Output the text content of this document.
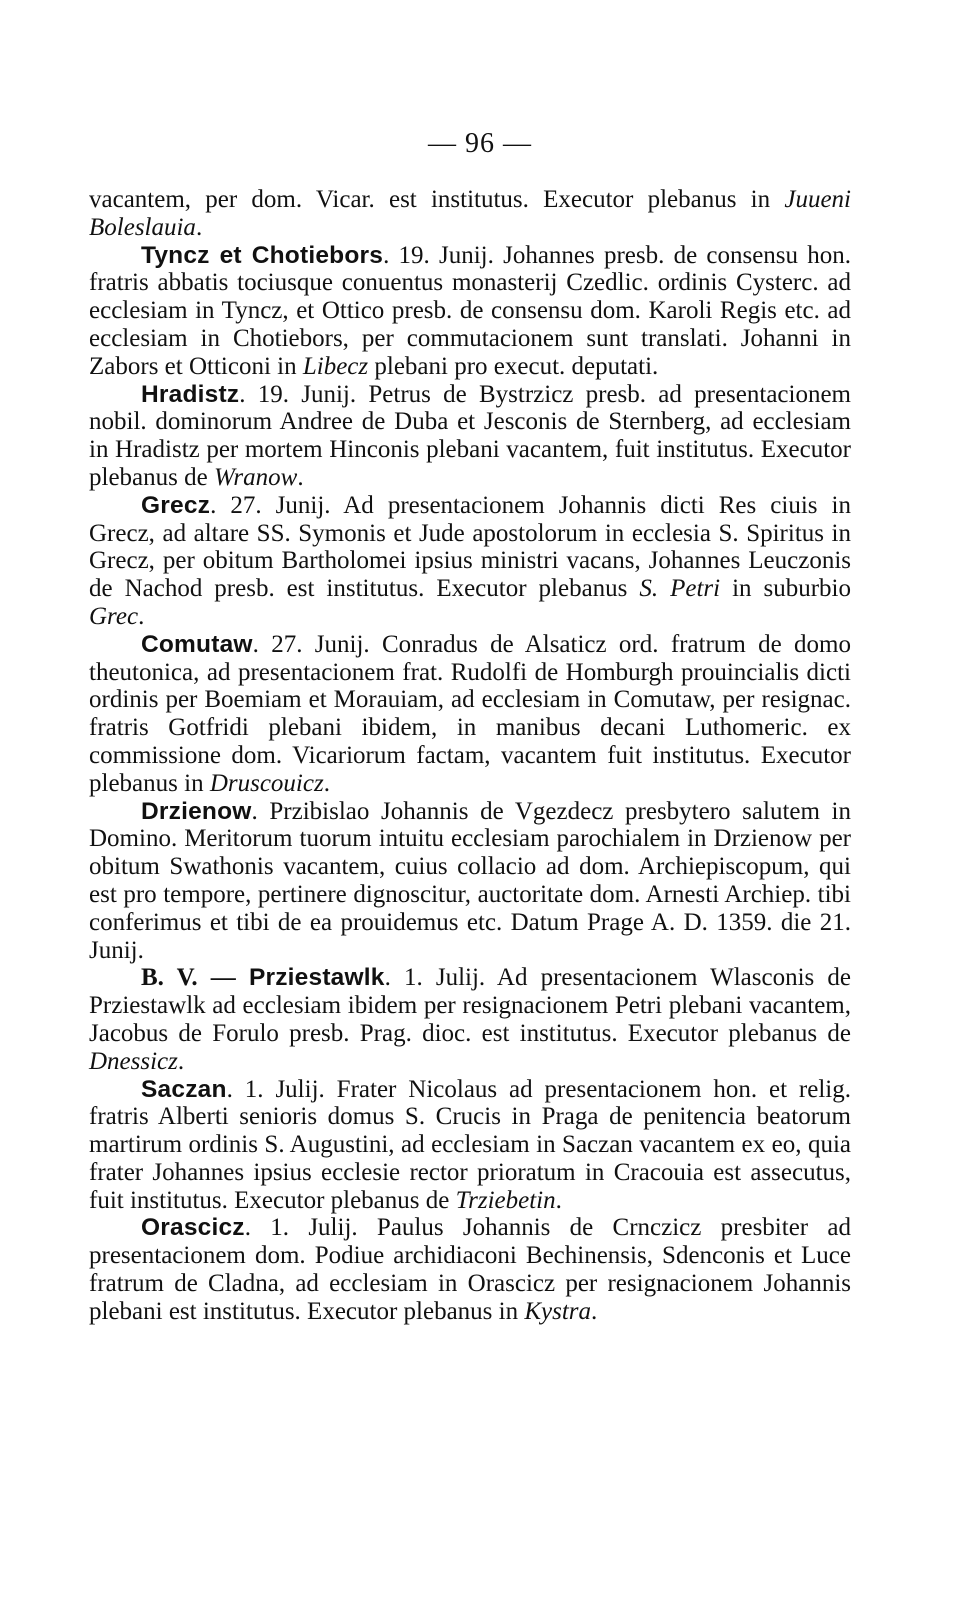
— 96 —

vacantem, per dom. Vicar. est institutus. Executor plebanus in Juueni Boleslauia.

Tyncz et Chotiebors. 19. Junij. Johannes presb. de consensu hon. fratris abbatis tociusque conuentus monasterij Czedlic. ordinis Cysterc. ad ecclesiam in Tyncz, et Ottico presb. de consensu dom. Karoli Regis etc. ad ecclesiam in Chotiebors, per commutacionem sunt translati. Johanni in Zabors et Otticoni in Libecz plebani pro execut. deputati.

Hradistz. 19. Junij. Petrus de Bystrzicz presb. ad presentacionem nobil. dominorum Andree de Duba et Jesconis de Sternberg, ad ecclesiam in Hradistz per mortem Hinconis plebani vacantem, fuit institutus. Executor plebanus de Wranow.

Grecz. 27. Junij. Ad presentacionem Johannis dicti Res ciuis in Grecz, ad altare SS. Symonis et Jude apostolorum in ecclesia S. Spiritus in Grecz, per obitum Bartholomei ipsius ministri vacans, Johannes Leuczonis de Nachod presb. est institutus. Executor plebanus S. Petri in suburbio Grec.

Comutaw. 27. Junij. Conradus de Alsaticz ord. fratrum de domo theutonica, ad presentacionem frat. Rudolfi de Homburgh prouincialis dicti ordinis per Boemiam et Morauiam, ad ecclesiam in Comutaw, per resignac. fratris Gotfridi plebani ibidem, in manibus decani Luthomeric. ex commissione dom. Vicariorum factam, vacantem fuit institutus. Executor plebanus in Druscouicz.

Drzienow. Przibislao Johannis de Vgezdecz presbytero salutem in Domino. Meritorum tuorum intuitu ecclesiam parochialem in Drzienow per obitum Swathonis vacantem, cuius collacio ad dom. Archiepiscopum, qui est pro tempore, pertinere dignoscitur, auctoritate dom. Arnesti Archiep. tibi conferimus et tibi de ea prouidemus etc. Datum Prage A. D. 1359. die 21. Junij.

B. V. — Prziestawlk. 1. Julij. Ad presentacionem Wlasconis de Prziestawlk ad ecclesiam ibidem per resignacionem Petri plebani vacantem, Jacobus de Forulo presb. Prag. dioc. est institutus. Executor plebanus de Dnessicz.

Saczan. 1. Julij. Frater Nicolaus ad presentacionem hon. et relig. fratris Alberti senioris domus S. Crucis in Praga de penitencia beatorum martirum ordinis S. Augustini, ad ecclesiam in Saczan vacantem ex eo, quia frater Johannes ipsius ecclesie rector prioratum in Cracouia est assecutus, fuit institutus. Executor plebanus de Trziebetin.

Orascicz. 1. Julij. Paulus Johannis de Crnczicz presbiter ad presentacionem dom. Podiue archidiaconi Bechinensis, Sdenconis et Luce fratrum de Cladna, ad ecclesiam in Orascicz per resignacionem Johannis plebani est institutus. Executor plebanus in Kystra.
